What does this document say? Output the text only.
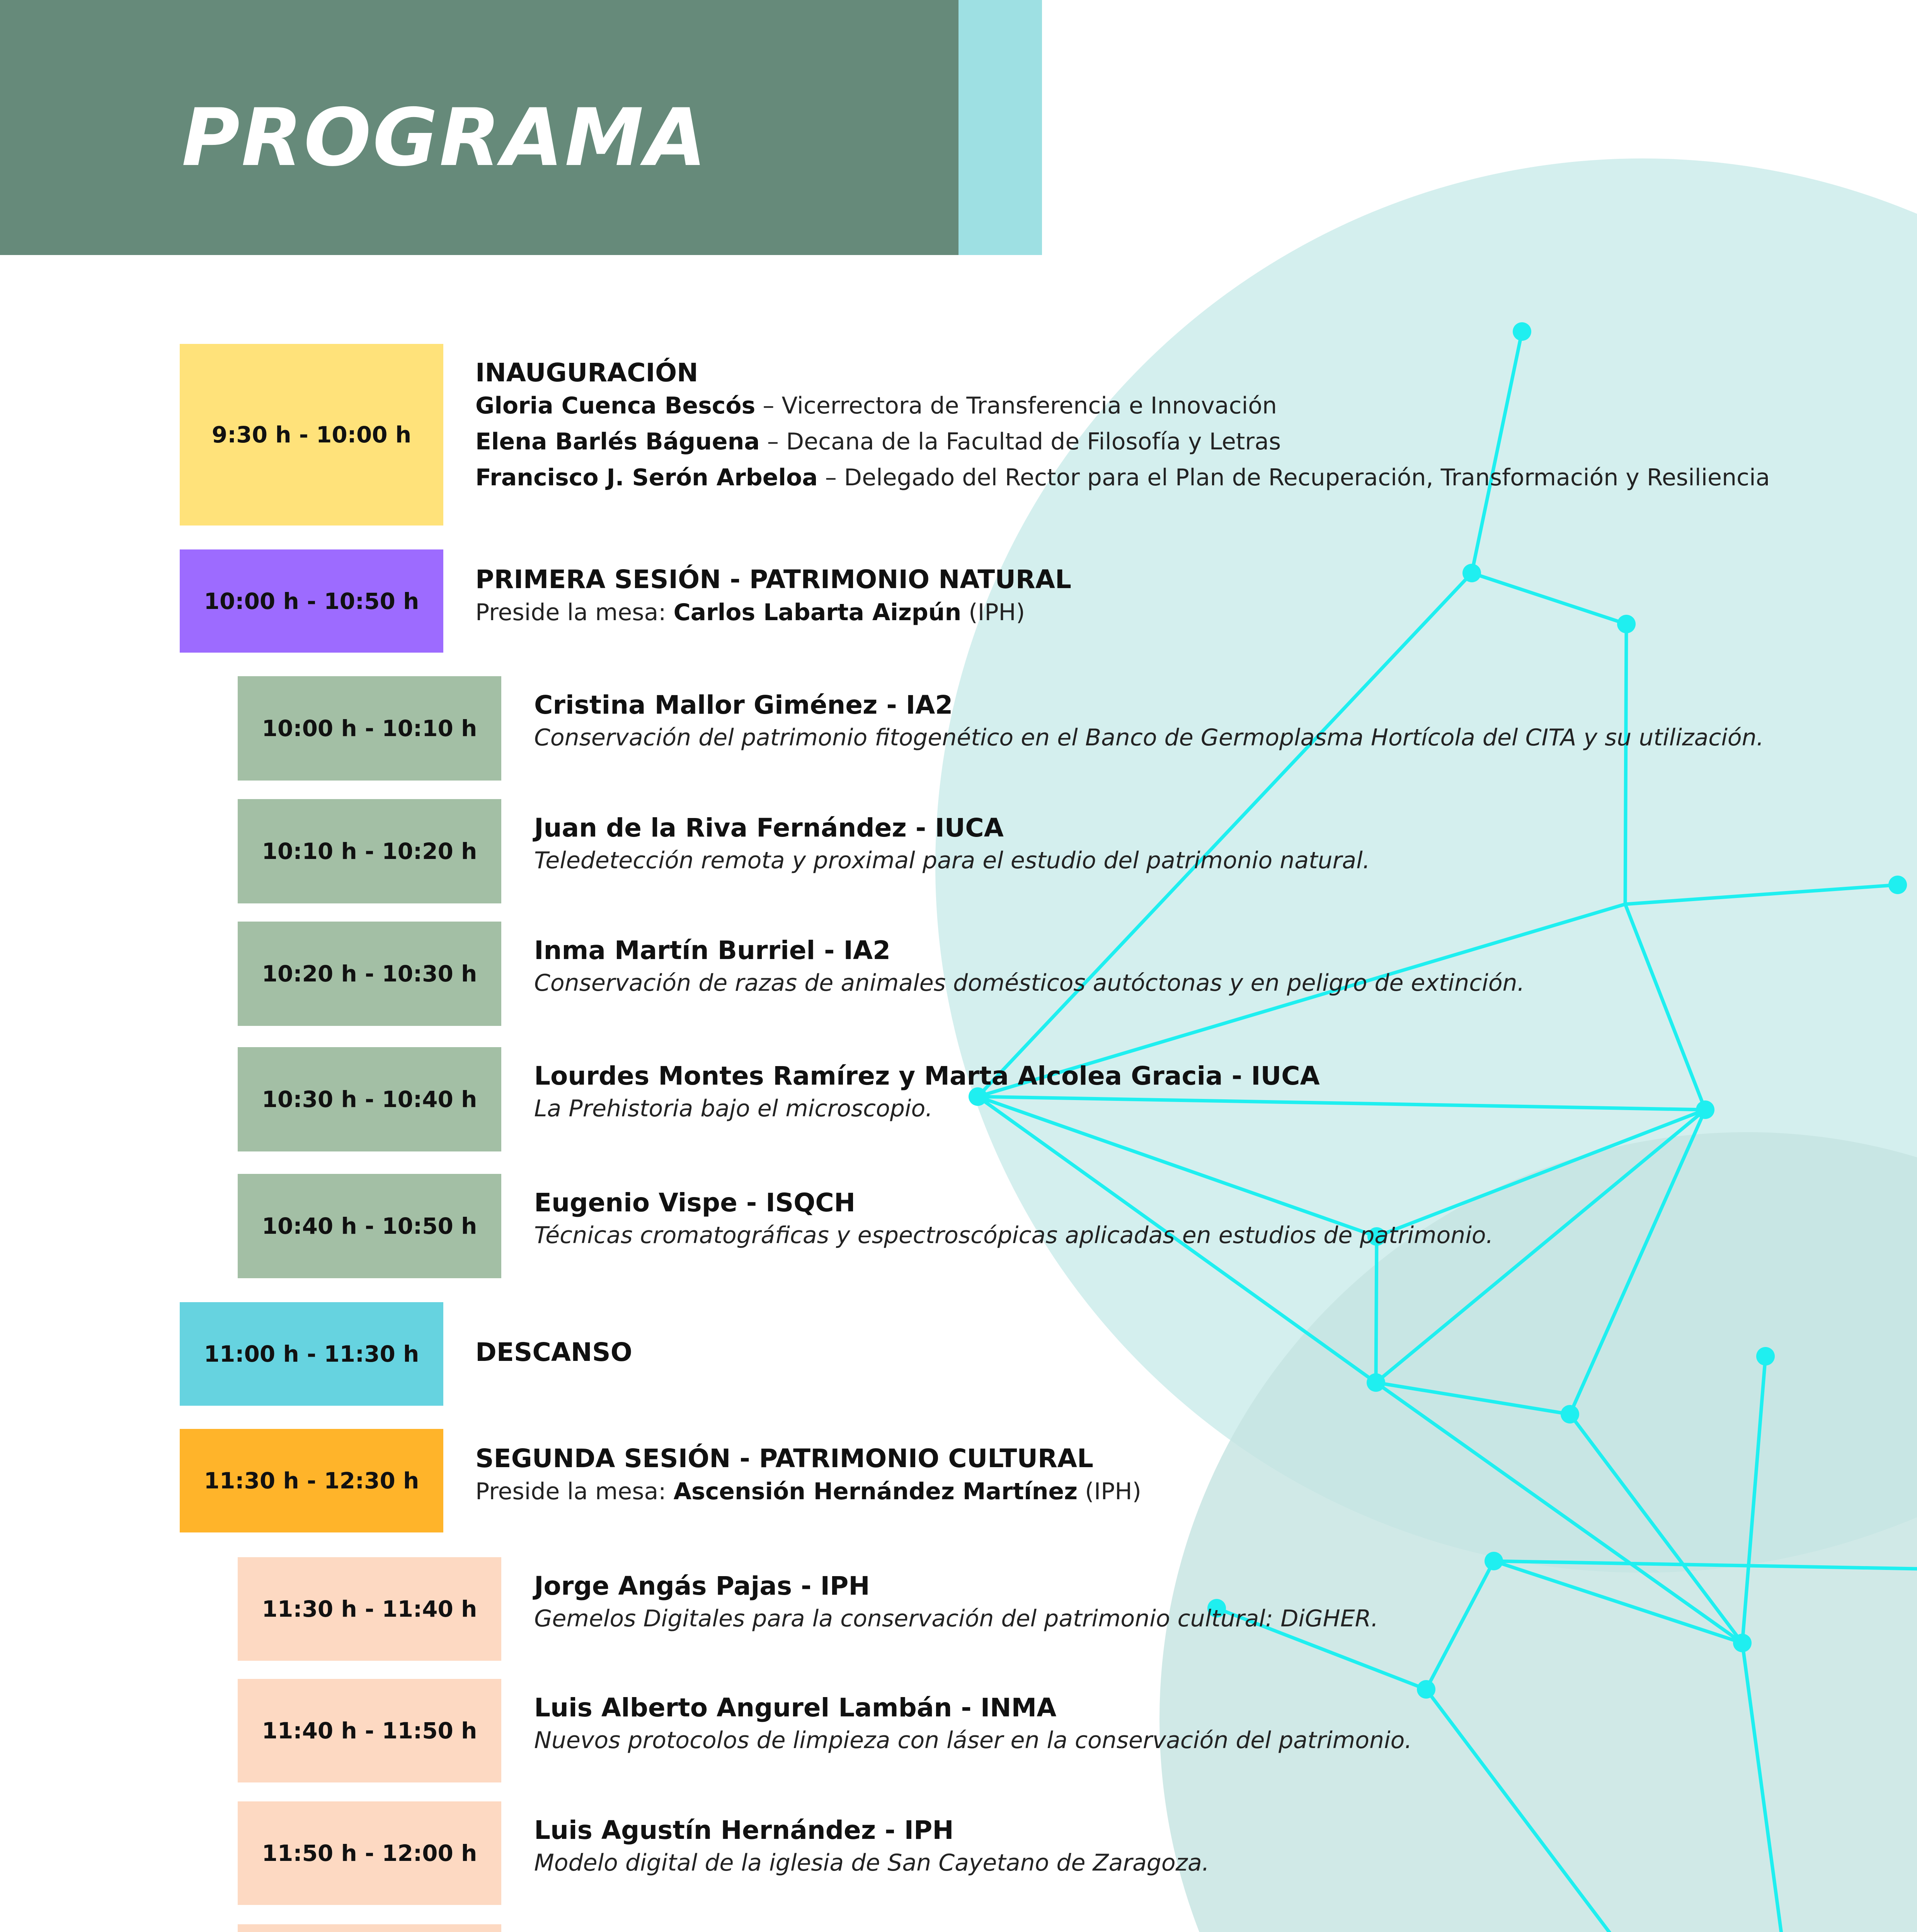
PROGRAMA
9:30 h - 10:00 h
INAUGURACIÓN
Gloria Cuenca Bescós – Vicerrectora de Transferencia e Innovación
Elena Barlés Báguena – Decana de la Facultad de Filosofía y Letras
Francisco J. Serón Arbeloa – Delegado del Rector para el Plan de Recuperación, Transformación y Resiliencia
10:00 h - 10:50 h
PRIMERA SESIÓN - PATRIMONIO NATURAL
Preside la mesa: Carlos Labarta Aizpún (IPH)
10:00 h - 10:10 h
Cristina Mallor Giménez - IA2
Conservación del patrimonio fitogenético en el Banco de Germoplasma Hortícola del CITA y su utilización.
10:10 h - 10:20 h
Juan de la Riva Fernández - IUCA
Teledetección remota y proximal para el estudio del patrimonio natural.
10:20 h - 10:30 h
Inma Martín Burriel - IA2
Conservación de razas de animales domésticos autóctonas y en peligro de extinción.
10:30 h - 10:40 h
Lourdes Montes Ramírez y Marta Alcolea Gracia - IUCA
La Prehistoria bajo el microscopio.
10:40 h - 10:50 h
Eugenio Vispe - ISQCH
Técnicas cromatográficas y espectroscópicas aplicadas en estudios de patrimonio.
11:00 h - 11:30 h DESCANSO
11:30 h - 12:30 h
SEGUNDA SESIÓN - PATRIMONIO CULTURAL
Preside la mesa: Ascensión Hernández Martínez (IPH)
11:30 h - 11:40 h
Jorge Angás Pajas - IPH
Gemelos Digitales para la conservación del patrimonio cultural: DiGHER.
11:40 h - 11:50 h
Luis Alberto Angurel Lambán - INMA
Nuevos protocolos de limpieza con láser en la conservación del patrimonio.
11:50 h - 12:00 h
Luis Agustín Hernández - IPH
Modelo digital de la iglesia de San Cayetano de Zaragoza.
